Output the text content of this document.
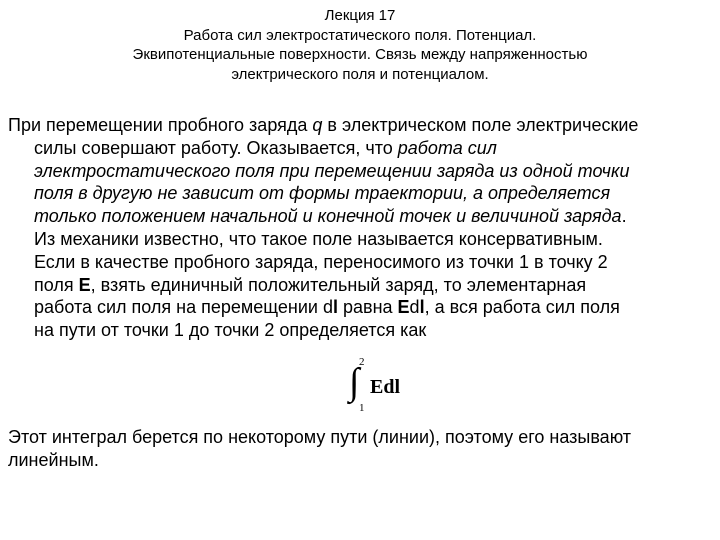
Лекция 17
Работа сил электростатического поля. Потенциал.
Эквипотенциальные поверхности. Связь между напряженностью
электрического поля и потенциалом.
При перемещении пробного заряда q в электрическом поле электрические
силы совершают работу. Оказывается, что работа сил
электростатического поля при перемещении заряда из одной точки
поля в другую не зависит от формы траектории, а определяется
только положением начальной и конечной точек и величиной заряда.
Из механики известно, что такое поле называется консервативным.
Если в качестве пробного заряда, переносимого из точки 1 в точку 2
поля E, взять единичный положительный заряд, то элементарная
работа сил поля на перемещении dl равна Edl, а вся работа сил поля
на пути от точки 1 до точки 2 определяется как
2
∫ Edl
1
Этот интеграл берется по некоторому пути (линии), поэтому его называют
линейным.
